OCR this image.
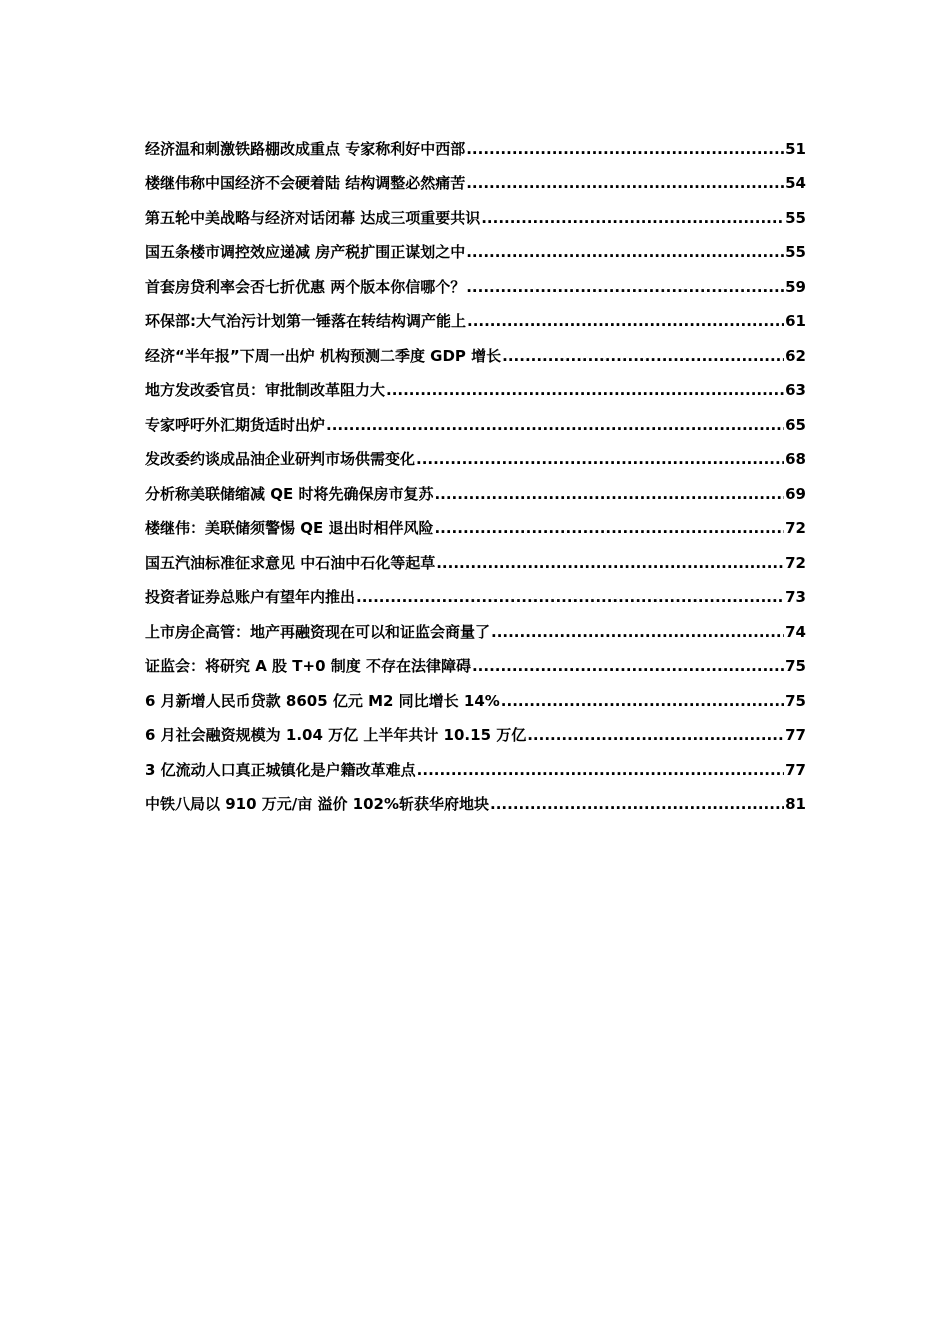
经济温和刺激铁路棚改成重点 专家称利好中西部 .....	51
楼继伟称中国经济不会硬着陆 结构调整必然痛苦 .....	54
第五轮中美战略与经济对话闭幕 达成三项重要共识 .....	55
国五条楼市调控效应递减 房产税扩围正谋划之中 .....	55
首套房贷利率会否七折优惠 两个版本你信哪个？ .....	59
环保部:大气治污计划第一锤落在转结构调产能上 .....	61
经济“半年报”下周一出炉 机构预测二季度 GDP 增长 .....	62
地方发改委官员：审批制改革阻力大 .....	63
专家呼吁外汇期货适时出炉 .....	65
发改委约谈成品油企业研判市场供需变化 .....	68
分析称美联储缩减 QE 时将先确保房市复苏 .....	69
楼继伟：美联储须警惕 QE 退出时相伴风险 .....	72
国五汽油标准征求意见 中石油中石化等起草 .....	72
投资者证券总账户有望年内推出 .....	73
上市房企高管：地产再融资现在可以和证监会商量了 .....	74
证监会：将研究 A 股 T+0 制度 不存在法律障碍 .....	75
6 月新增人民币贷款 8605 亿元 M2 同比增长 14% .....	75
6 月社会融资规模为 1.04 万亿 上半年共计 10.15 万亿 .....	77
3 亿流动人口真正城镇化是户籍改革难点 .....	77
中铁八局以 910 万元/亩 溢价 102%斩获华府地块 .....	81
